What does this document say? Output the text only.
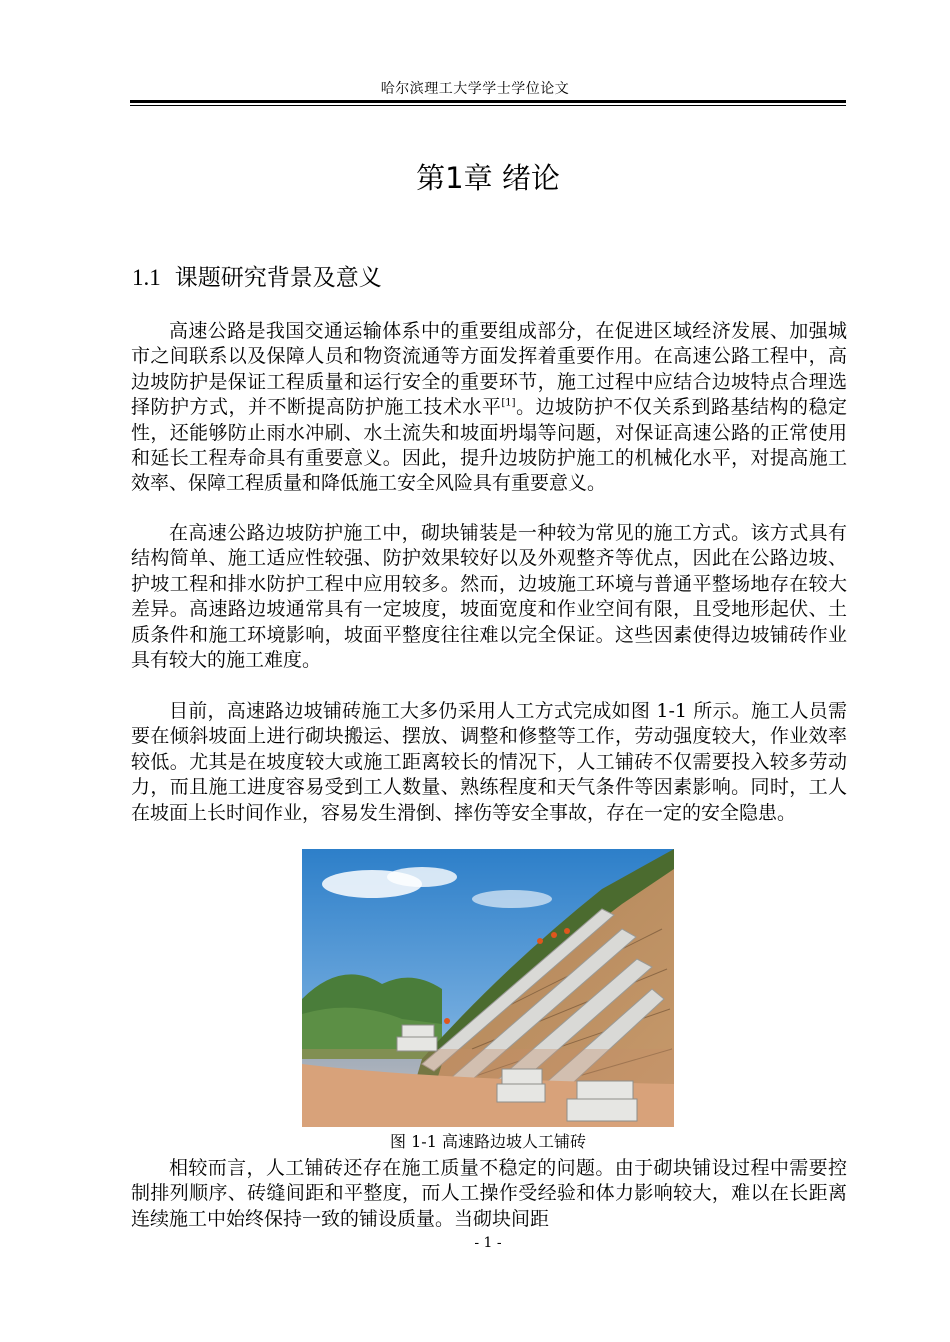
哈尔滨理工大学学士学位论文
第1章 绪论
1.1 课题研究背景及意义

高速公路是我国交通运输体系中的重要组成部分，在促进区域经济发展、加强城市之间联系以及保障人员和物资流通等方面发挥着重要作用。在高速公路工程中，高边坡防护是保证工程质量和运行安全的重要环节，施工过程中应结合边坡特点合理选择防护方式，并不断提高防护施工技术水平[1]。边坡防护不仅关系到路基结构的稳定性，还能够防止雨水冲刷、水土流失和坡面坍塌等问题，对保证高速公路的正常使用和延长工程寿命具有重要意义。因此，提升边坡防护施工的机械化水平，对提高施工效率、保障工程质量和降低施工安全风险具有重要意义。

在高速公路边坡防护施工中，砌块铺装是一种较为常见的施工方式。该方式具有结构简单、施工适应性较强、防护效果较好以及外观整齐等优点，因此在公路边坡、护坡工程和排水防护工程中应用较多。然而，边坡施工环境与普通平整场地存在较大差异。高速路边坡通常具有一定坡度，坡面宽度和作业空间有限，且受地形起伏、土质条件和施工环境影响，坡面平整度往往难以完全保证。这些因素使得边坡铺砖作业具有较大的施工难度。

目前，高速路边坡铺砖施工大多仍采用人工方式完成如图 1-1 所示。施工人员需要在倾斜坡面上进行砌块搬运、摆放、调整和修整等工作，劳动强度较大，作业效率较低。尤其是在坡度较大或施工距离较长的情况下，人工铺砖不仅需要投入较多劳动力，而且施工进度容易受到工人数量、熟练程度和天气条件等因素影响。同时，工人在坡面上长时间作业，容易发生滑倒、摔伤等安全事故，存在一定的安全隐患。

图 1-1 高速路边坡人工铺砖

相较而言，人工铺砖还存在施工质量不稳定的问题。由于砌块铺设过程中需要控制排列顺序、砖缝间距和平整度，而人工操作受经验和体力影响较大，难以在长距离连续施工中始终保持一致的铺设质量。当砌块间距

- 1 -
